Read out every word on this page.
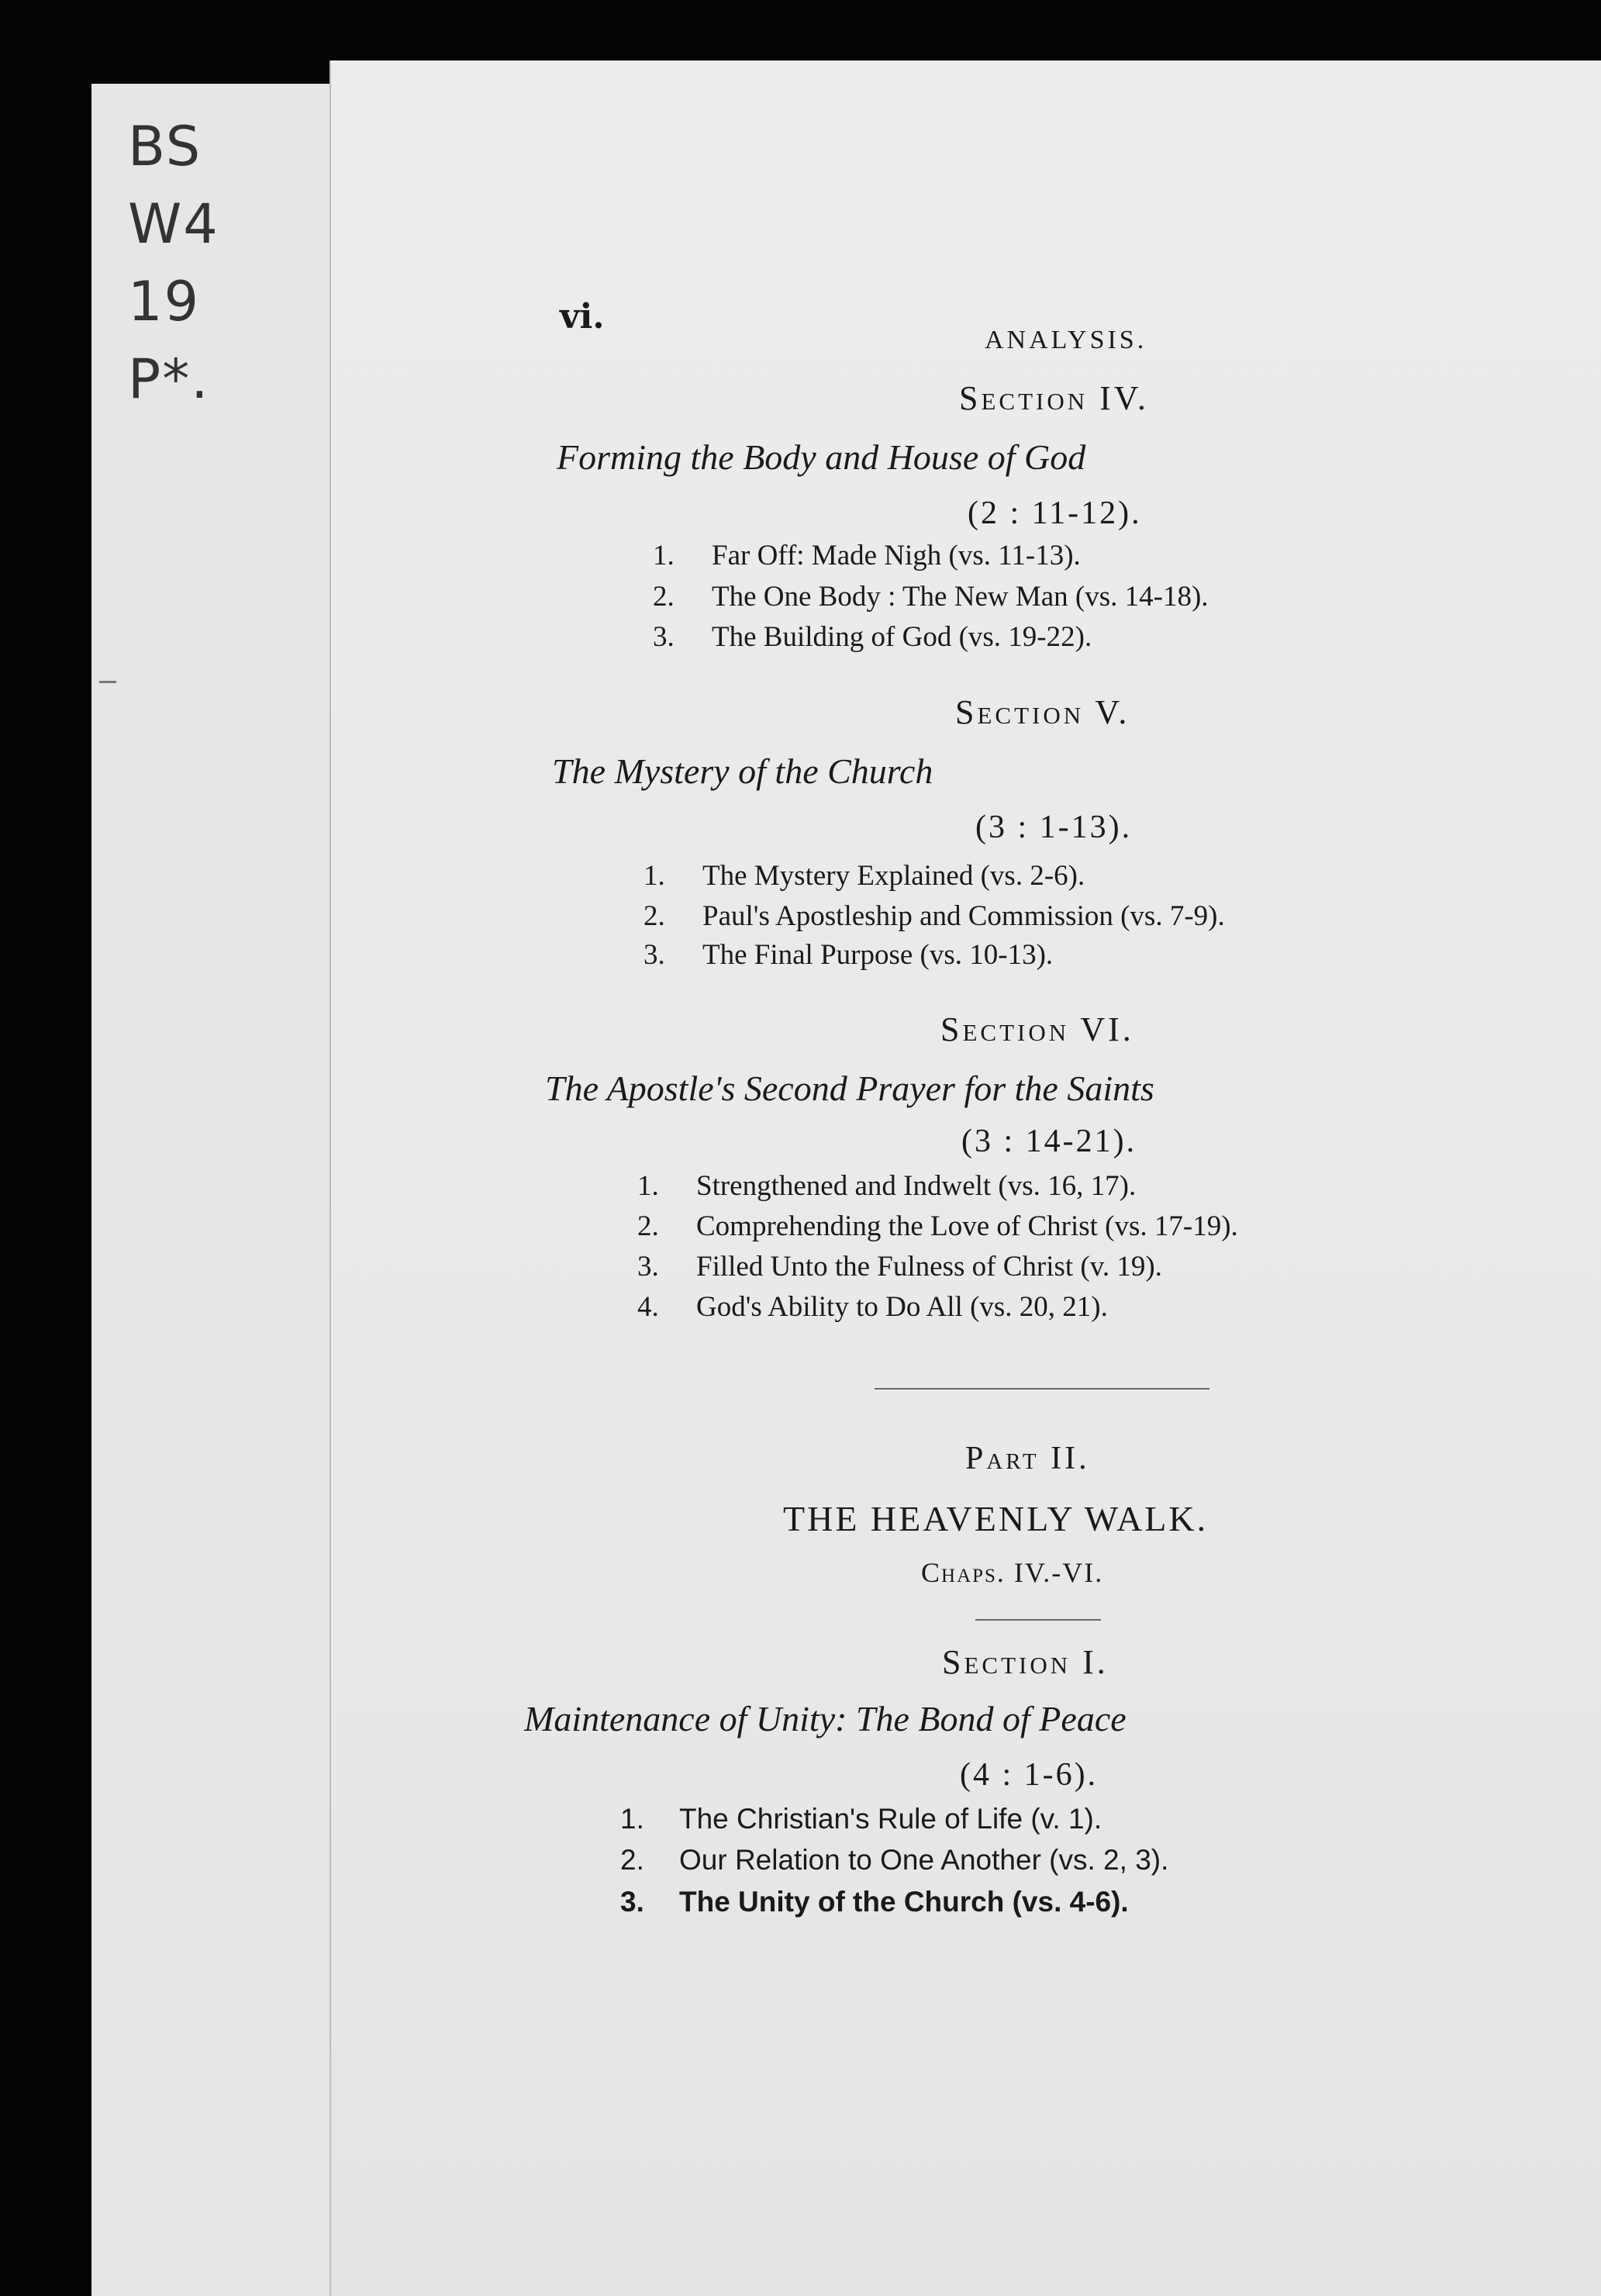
BS
W4
19
P*.
vi.
ANALYSIS.
Section IV.
Forming the Body and House of God
(2 : 11-12).
1. Far Off: Made Nigh (vs. 11-13).
2. The One Body : The New Man (vs. 14-18).
3. The Building of God (vs. 19-22).
Section V.
The Mystery of the Church
(3 : 1-13).
1. The Mystery Explained (vs. 2-6).
2. Paul's Apostleship and Commission (vs. 7-9).
3. The Final Purpose (vs. 10-13).
Section VI.
The Apostle's Second Prayer for the Saints
(3 : 14-21).
1. Strengthened and Indwelt (vs. 16, 17).
2. Comprehending the Love of Christ (vs. 17-19).
3. Filled Unto the Fulness of Christ (v. 19).
4. God's Ability to Do All (vs. 20, 21).
Part II.
THE HEAVENLY WALK.
Chaps. IV.-VI.
Section I.
Maintenance of Unity: The Bond of Peace
(4 : 1-6).
1. The Christian's Rule of Life (v. 1).
2. Our Relation to One Another (vs. 2, 3).
3. The Unity of the Church (vs. 4-6).
